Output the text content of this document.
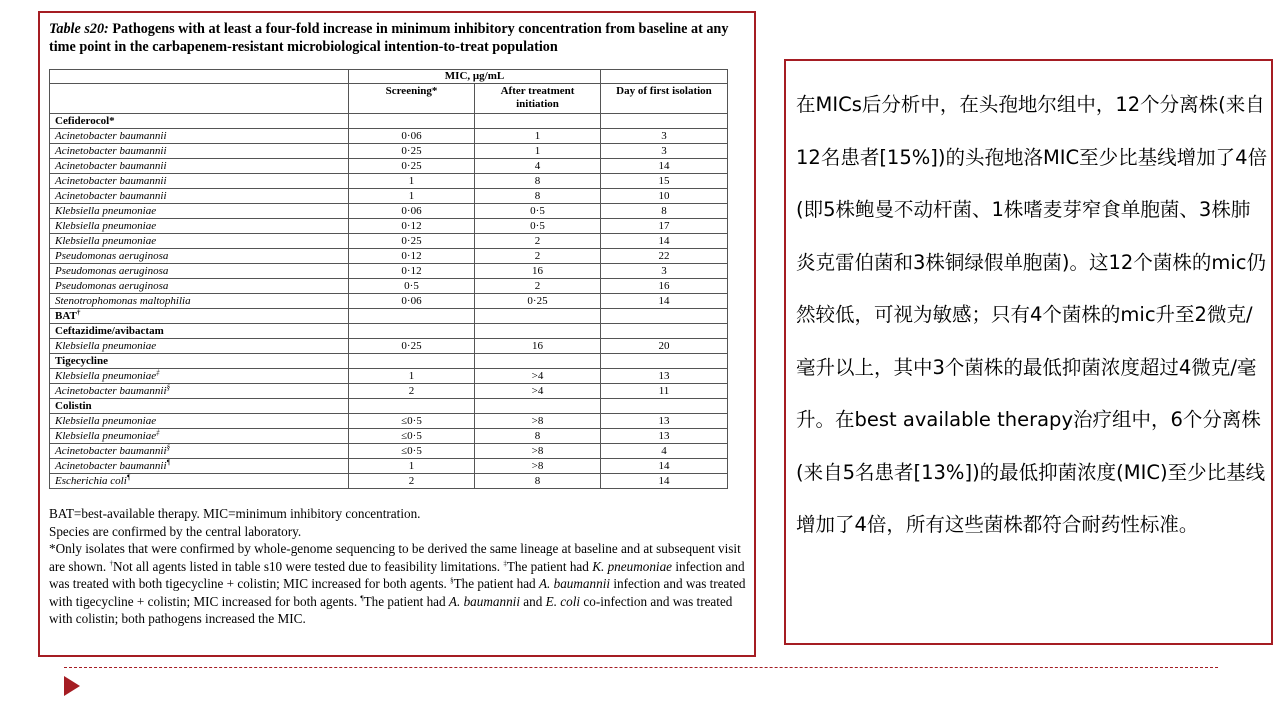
Table s20: Pathogens with at least a four-fold increase in minimum inhibitory concentration from baseline at any time point in the carbapenem-resistant microbiological intention-to-treat population
	MIC, μg/mL		
	Screening*	After treatment initiation	Day of first isolation
Cefiderocol*			
Acinetobacter baumannii	0·06	1	3
Acinetobacter baumannii	0·25	1	3
Acinetobacter baumannii	0·25	4	14
Acinetobacter baumannii	1	8	15
Acinetobacter baumannii	1	8	10
Klebsiella pneumoniae	0·06	0·5	8
Klebsiella pneumoniae	0·12	0·5	17
Klebsiella pneumoniae	0·25	2	14
Pseudomonas aeruginosa	0·12	2	22
Pseudomonas aeruginosa	0·12	16	3
Pseudomonas aeruginosa	0·5	2	16
Stenotrophomonas maltophilia	0·06	0·25	14
BAT†			
Ceftazidime/avibactam			
Klebsiella pneumoniae	0·25	16	20
Tigecycline			
Klebsiella pneumoniae‡	1	>4	13
Acinetobacter baumannii§	2	>4	11
Colistin			
Klebsiella pneumoniae	≤0·5	>8	13
Klebsiella pneumoniae‡	≤0·5	8	13
Acinetobacter baumannii§	≤0·5	>8	4
Acinetobacter baumannii¶	1	>8	14
Escherichia coli¶	2	8	14

BAT=best-available therapy. MIC=minimum inhibitory concentration.

Species are confirmed by the central laboratory.

*Only isolates that were confirmed by whole-genome sequencing to be derived the same lineage at baseline and at subsequent visit are shown. †Not all agents listed in table s10 were tested due to feasibility limitations. ‡The patient had K. pneumoniae infection and was treated with both tigecycline + colistin; MIC increased for both agents. §The patient had A. baumannii infection and was treated with tigecycline + colistin; MIC increased for both agents. ¶The patient had A. baumannii and E. coli co-infection and was treated with colistin; both pathogens increased the MIC.

在MICs后分析中，在头孢地尔组中，12个分离株(来自12名患者[15%])的头孢地洛MIC至少比基线增加了4倍(即5株鲍曼不动杆菌、1株嗜麦芽窄食单胞菌、3株肺炎克雷伯菌和3株铜绿假单胞菌)。这12个菌株的mic仍然较低，可视为敏感；只有4个菌株的mic升至2微克/毫升以上，其中3个菌株的最低抑菌浓度超过4微克/毫升。在best available therapy治疗组中，6个分离株(来自5名患者[13%])的最低抑菌浓度(MIC)至少比基线增加了4倍，所有这些菌株都符合耐药性标准。
